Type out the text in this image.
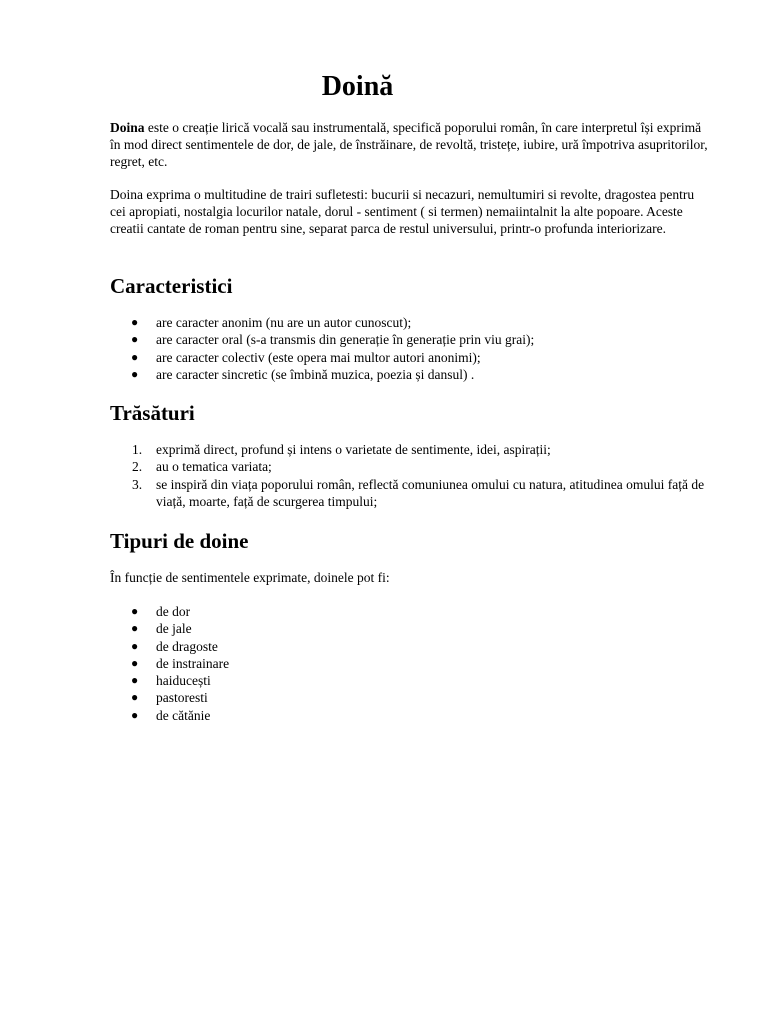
Doină

Doina este o creație lirică vocală sau instrumentală, specifică poporului român, în care interpretul își exprimă în mod direct sentimentele de dor, de jale, de înstrăinare, de revoltă, tristețe, iubire, ură împotriva asupritorilor, regret, etc.

Doina exprima o multitudine de trairi sufletesti: bucurii si necazuri, nemultumiri si revolte, dragostea pentru cei apropiati, nostalgia locurilor natale, dorul - sentiment ( si termen) nemaiintalnit la alte popoare. Aceste creatii cantate de roman pentru sine, separat parca de restul universului, printr-o profunda interiorizare.

Caracteristici
● are caracter anonim (nu are un autor cunoscut);
● are caracter oral (s-a transmis din generație în generație prin viu grai);
● are caracter colectiv (este opera mai multor autori anonimi);
● are caracter sincretic (se îmbină muzica, poezia și dansul) .
Trăsături
1. exprimă direct, profund și intens o varietate de sentimente, idei, aspirații;
2. au o tematica variata;
3. se inspiră din viața poporului român, reflectă comuniunea omului cu natura, atitudinea omului față de viață, moarte, față de scurgerea timpului;
Tipuri de doine

În funcție de sentimentele exprimate, doinele pot fi:

● de dor
● de jale
● de dragoste
● de instrainare
● haiducești
● pastoresti
● de cătănie
